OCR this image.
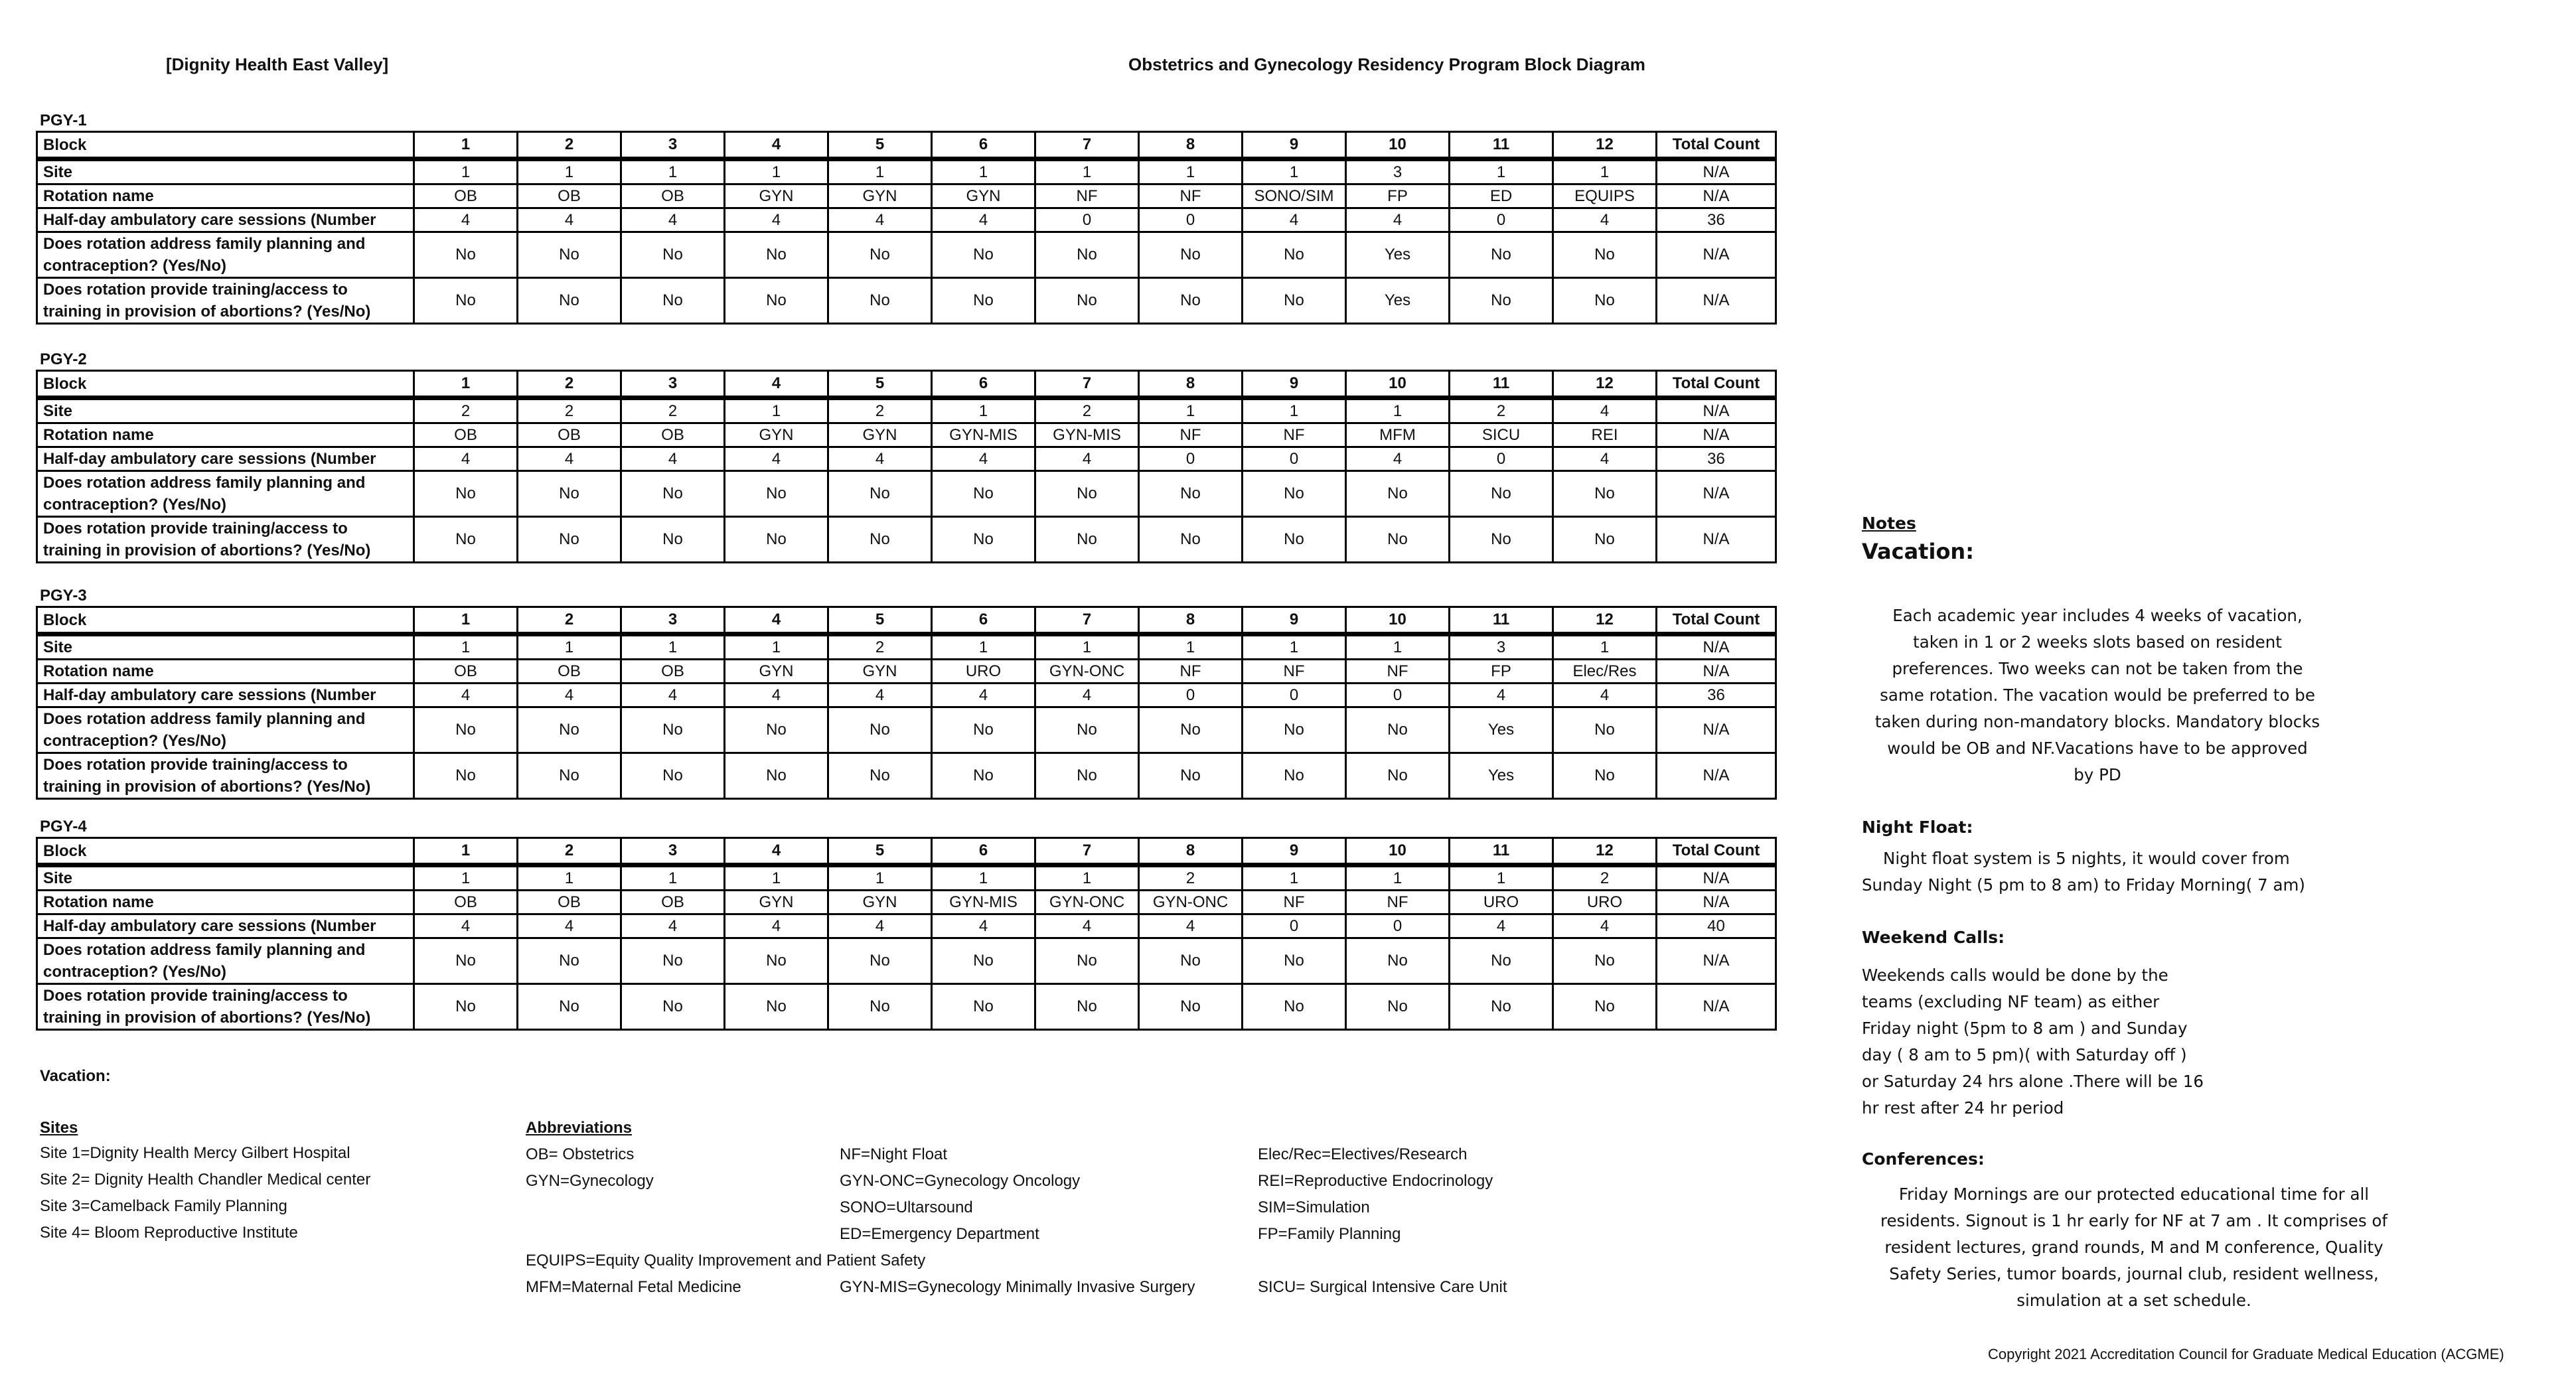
[Dignity Health East Valley]	Obstetrics and Gynecology Residency Program Block Diagram
PGY-1
Block	1	2	3	4	5	6	7	8	9	10	11	12	Total Count
Site	1	1	1	1	1	1	1	1	1	3	1	1	N/A
Rotation name	OB	OB	OB	GYN	GYN	GYN	NF	NF	SONO/SIM	FP	ED	EQUIPS	N/A
Half-day ambulatory care sessions (Number	4	4	4	4	4	4	0	0	4	4	0	4	36
Does rotation address family planning and contraception? (Yes/No)	No	No	No	No	No	No	No	No	No	Yes	No	No	N/A
Does rotation provide training/access to training in provision of abortions? (Yes/No)	No	No	No	No	No	No	No	No	No	Yes	No	No	N/A
PGY-2
Block	1	2	3	4	5	6	7	8	9	10	11	12	Total Count
Site	2	2	2	1	2	1	2	1	1	1	2	4	N/A
Rotation name	OB	OB	OB	GYN	GYN	GYN-MIS	GYN-MIS	NF	NF	MFM	SICU	REI	N/A
Half-day ambulatory care sessions (Number	4	4	4	4	4	4	4	0	0	4	0	4	36
Does rotation address family planning and contraception? (Yes/No)	No	No	No	No	No	No	No	No	No	No	No	No	N/A
Does rotation provide training/access to training in provision of abortions? (Yes/No)	No	No	No	No	No	No	No	No	No	No	No	No	N/A
PGY-3
Block	1	2	3	4	5	6	7	8	9	10	11	12	Total Count
Site	1	1	1	1	2	1	1	1	1	1	3	1	N/A
Rotation name	OB	OB	OB	GYN	GYN	URO	GYN-ONC	NF	NF	NF	FP	Elec/Res	N/A
Half-day ambulatory care sessions (Number	4	4	4	4	4	4	4	0	0	0	4	4	36
Does rotation address family planning and contraception? (Yes/No)	No	No	No	No	No	No	No	No	No	No	Yes	No	N/A
Does rotation provide training/access to training in provision of abortions? (Yes/No)	No	No	No	No	No	No	No	No	No	No	Yes	No	N/A
PGY-4
Block	1	2	3	4	5	6	7	8	9	10	11	12	Total Count
Site	1	1	1	1	1	1	1	2	1	1	1	2	N/A
Rotation name	OB	OB	OB	GYN	GYN	GYN-MIS	GYN-ONC	GYN-ONC	NF	NF	URO	URO	N/A
Half-day ambulatory care sessions (Number	4	4	4	4	4	4	4	4	0	0	4	4	40
Does rotation address family planning and contraception? (Yes/No)	No	No	No	No	No	No	No	No	No	No	No	No	N/A
Does rotation provide training/access to training in provision of abortions? (Yes/No)	No	No	No	No	No	No	No	No	No	No	No	No	N/A
Vacation:
Sites
Site 1=Dignity Health Mercy Gilbert Hospital
Site 2= Dignity Health Chandler Medical center
Site 3=Camelback Family Planning
Site 4= Bloom Reproductive Institute
Abbreviations
OB= Obstetrics
GYN=Gynecology
NF=Night Float
GYN-ONC=Gynecology Oncology
SONO=Ultarsound
ED=Emergency Department
Elec/Rec=Electives/Research
REI=Reproductive Endocrinology
SIM=Simulation
FP=Family Planning
EQUIPS=Equity Quality Improvement and Patient Safety
MFM=Maternal Fetal Medicine	GYN-MIS=Gynecology Minimally Invasive Surgery	SICU= Surgical Intensive Care Unit
Notes
Vacation:
Each academic year includes 4 weeks of vacation,
taken in 1 or 2 weeks slots based on resident
preferences. Two weeks can not be taken from the
same rotation. The vacation would be preferred to be
taken during non-mandatory blocks. Mandatory blocks
would be OB and NF.Vacations have to be approved
by PD
Night Float:
Night float system is 5 nights, it would cover from
Sunday Night (5 pm to 8 am) to Friday Morning( 7 am)
Weekend Calls:
Weekends calls would be done by the
teams (excluding NF team) as either
Friday night (5pm to 8 am ) and Sunday
day ( 8 am to 5 pm)( with Saturday off )
or Saturday 24 hrs alone .There will be 16
hr rest after 24 hr period
Conferences:
Friday Mornings are our protected educational time for all
residents. Signout is 1 hr early for NF at 7 am . It comprises of
resident lectures, grand rounds, M and M conference, Quality
Safety Series, tumor boards, journal club, resident wellness,
simulation at a set schedule.
Copyright 2021 Accreditation Council for Graduate Medical Education (ACGME)
